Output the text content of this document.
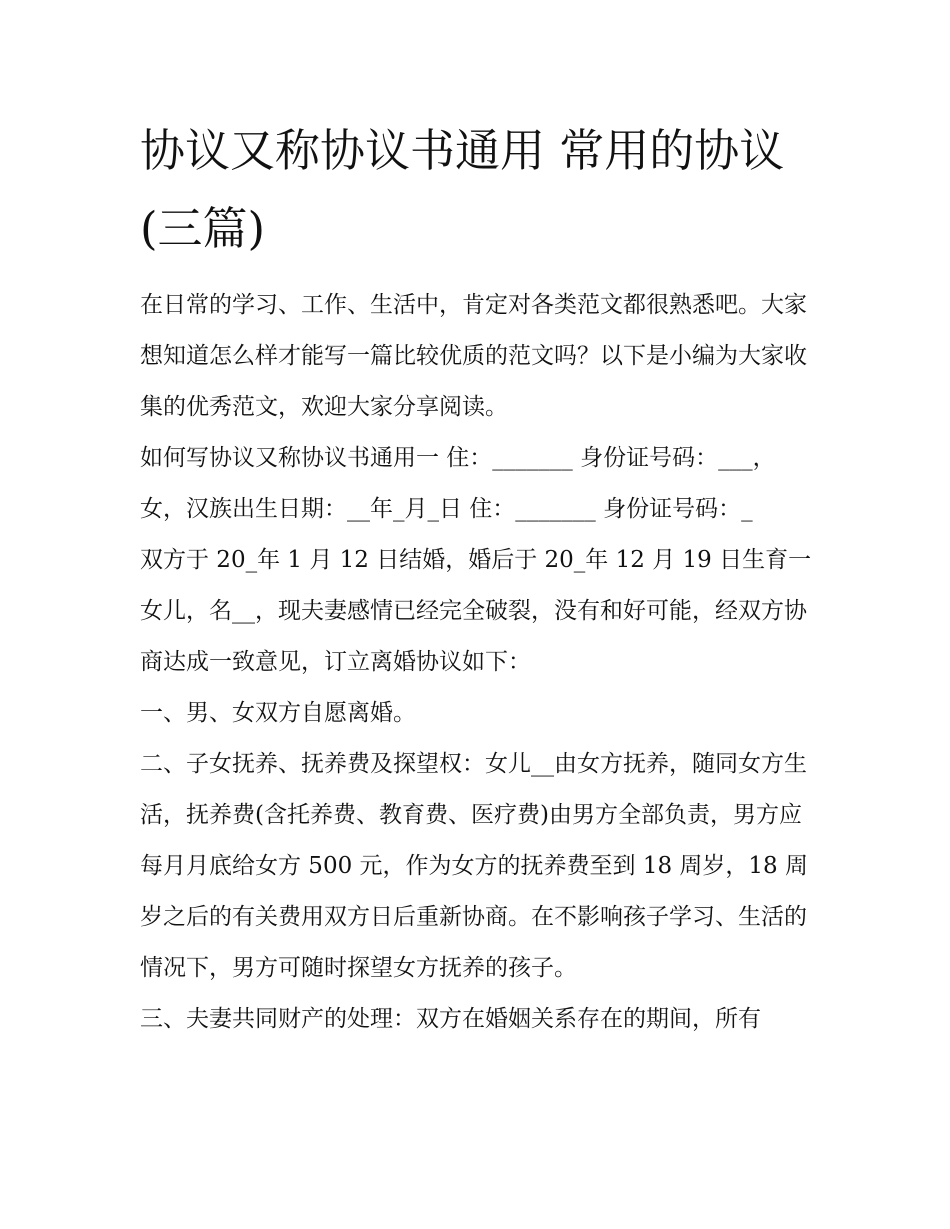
协议又称协议书通用 常用的协议(三篇)

在日常的学习、工作、生活中，肯定对各类范文都很熟悉吧。大家想知道怎么样才能写一篇比较优质的范文吗？以下是小编为大家收集的优秀范文，欢迎大家分享阅读。

如何写协议又称协议书通用一 住：_______ 身份证号码：___，女，汉族出生日期：__年_月_日 住：_______ 身份证号码：_

双方于 20_年 1 月 12 日结婚，婚后于 20_年 12 月 19 日生育一女儿，名__，现夫妻感情已经完全破裂，没有和好可能，经双方协商达成一致意见，订立离婚协议如下：

一、男、女双方自愿离婚。

二、子女抚养、抚养费及探望权：女儿__由女方抚养，随同女方生活，抚养费(含托养费、教育费、医疗费)由男方全部负责，男方应每月月底给女方 500 元，作为女方的抚养费至到 18 周岁，18 周岁之后的有关费用双方日后重新协商。在不影响孩子学习、生活的情况下，男方可随时探望女方抚养的孩子。

三、夫妻共同财产的处理：双方在婚姻关系存在的期间，所有
